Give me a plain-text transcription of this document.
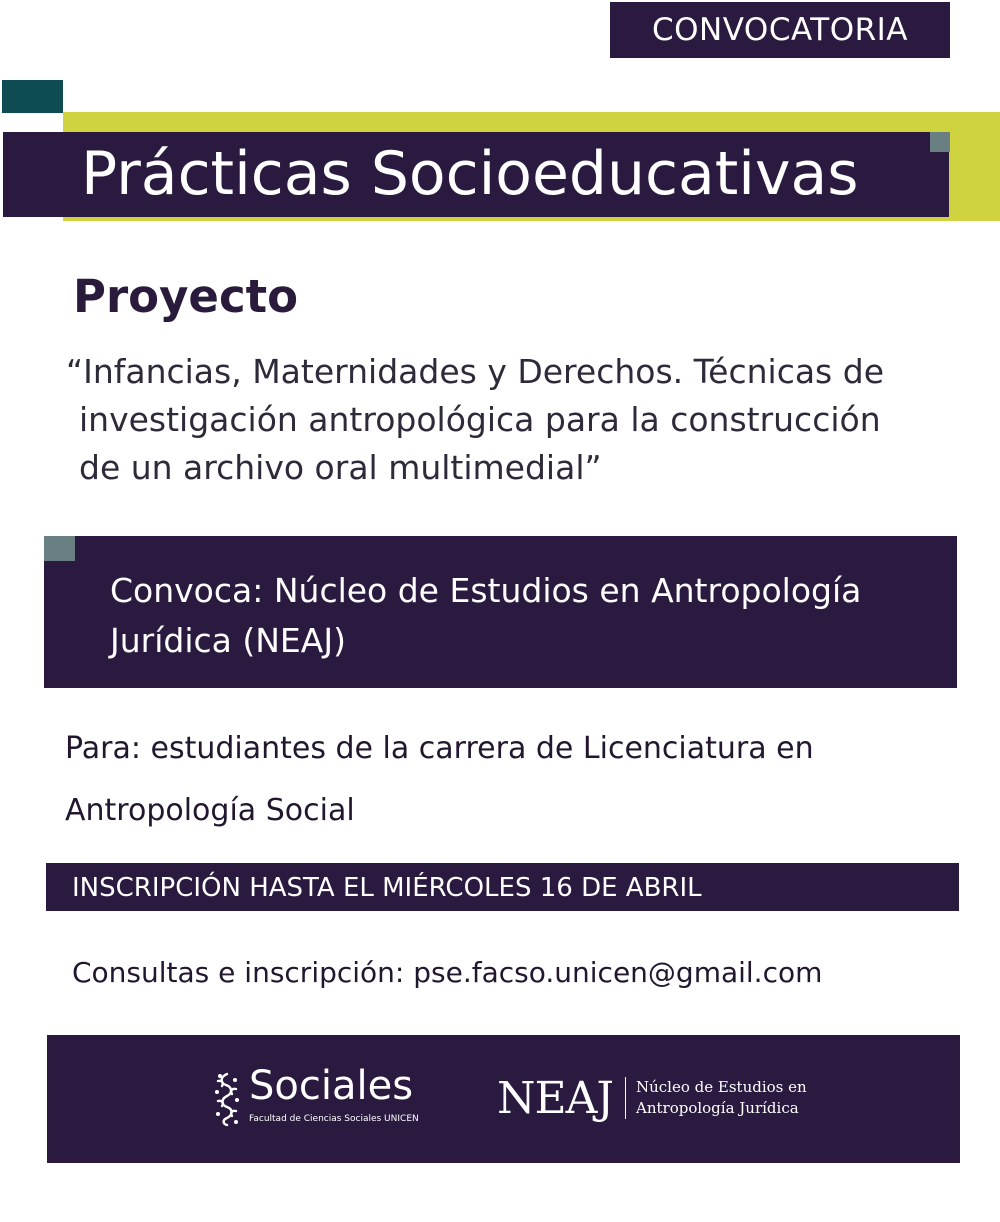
CONVOCATORIA
Prácticas Socioeducativas
Proyecto
“Infancias, Maternidades y Derechos. Técnicas de
investigación antropológica para la construcción
de un archivo oral multimedial”
Convoca: Núcleo de Estudios en Antropología
Jurídica (NEAJ)
Para: estudiantes de la carrera de Licenciatura en
Antropología Social
INSCRIPCIÓN HASTA EL MIÉRCOLES 16 DE ABRIL
Consultas e inscripción: pse.facso.unicen@gmail.com
Sociales
Facultad de Ciencias Sociales UNICEN NEAJ Núcleo de Estudios en
Antropología Jurídica
